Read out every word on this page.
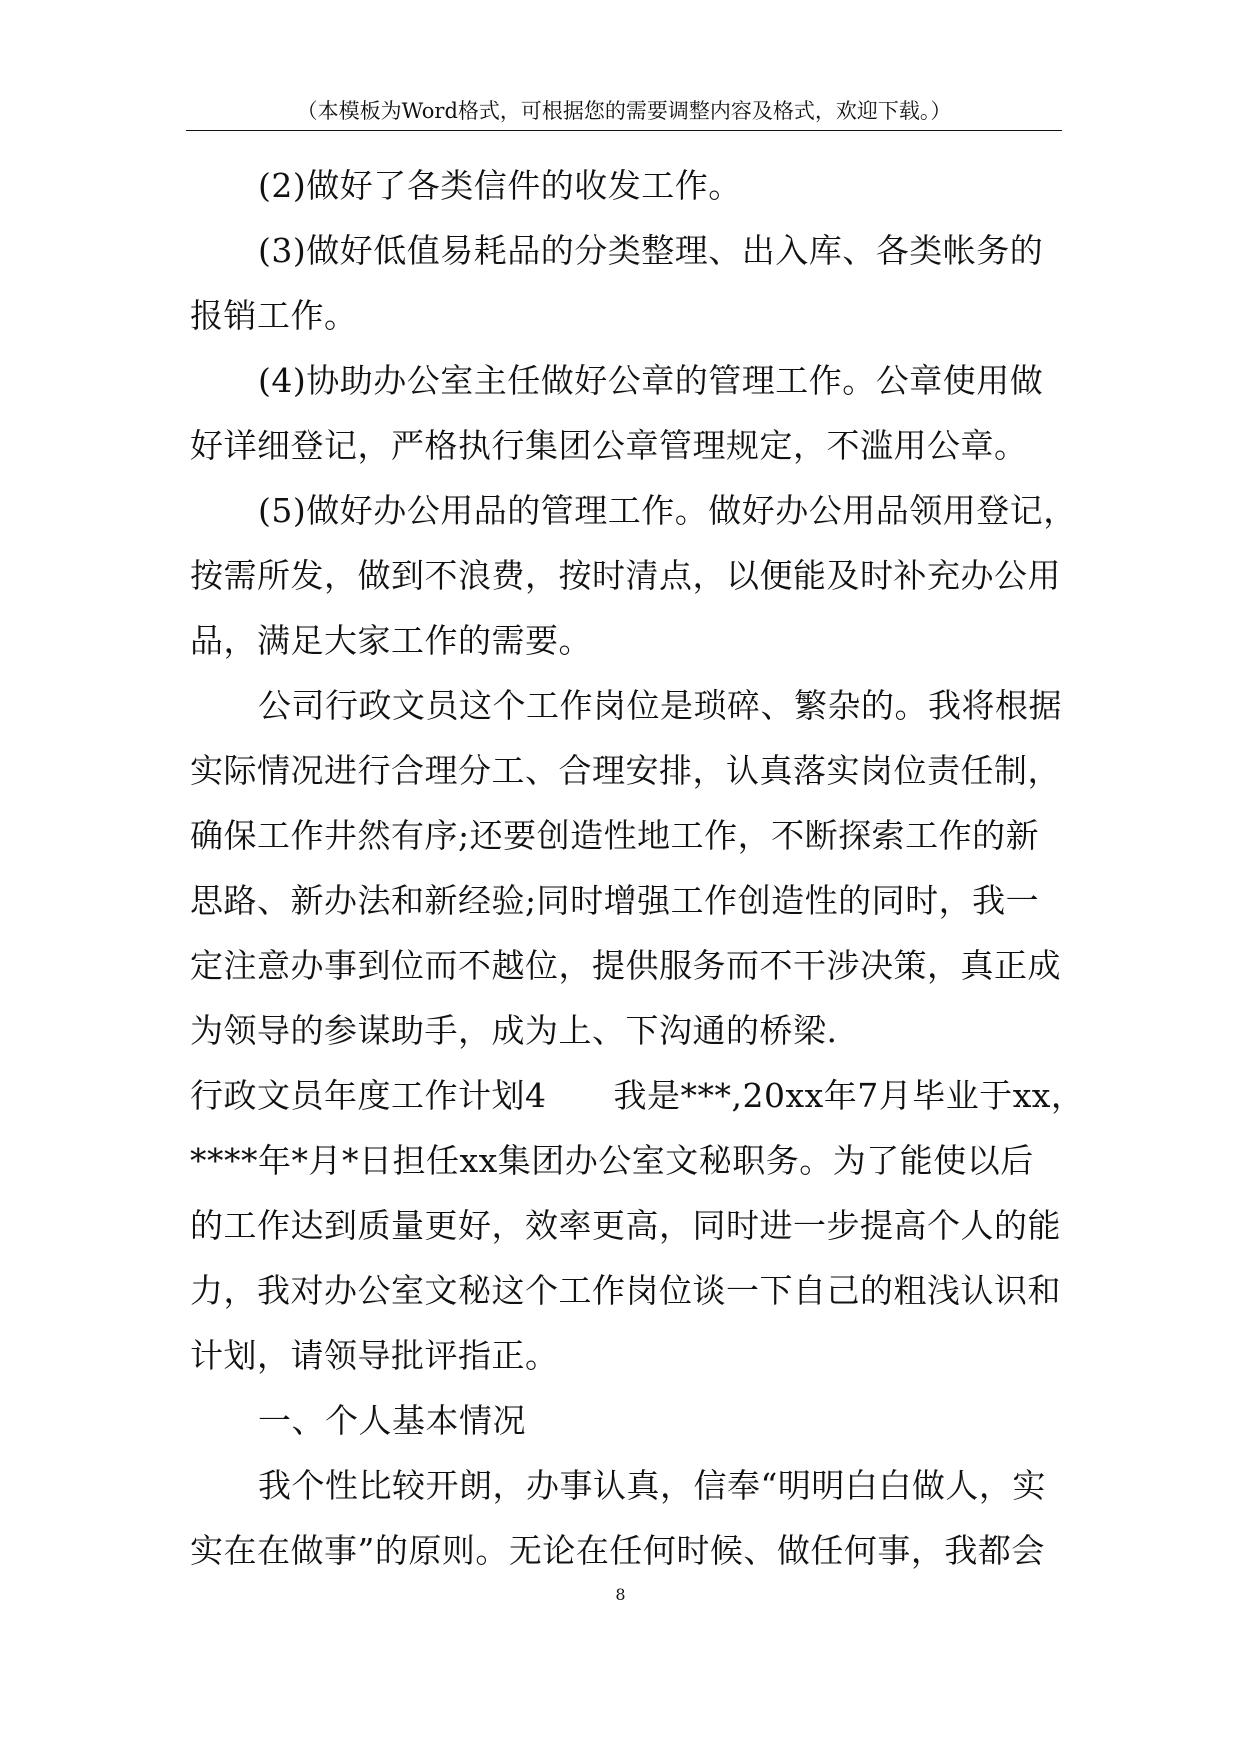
（本模板为Word格式，可根据您的需要调整内容及格式，欢迎下载。）
(2)做好了各类信件的收发工作。
(3)做好低值易耗品的分类整理、出入库、各类帐务的
报销工作。
(4)协助办公室主任做好公章的管理工作。公章使用做
好详细登记，严格执行集团公章管理规定，不滥用公章。
(5)做好办公用品的管理工作。做好办公用品领用登记，
按需所发，做到不浪费，按时清点，以便能及时补充办公用
品，满足大家工作的需要。
公司行政文员这个工作岗位是琐碎、繁杂的。我将根据
实际情况进行合理分工、合理安排，认真落实岗位责任制，
确保工作井然有序;还要创造性地工作，不断探索工作的新
思路、新办法和新经验;同时增强工作创造性的同时，我一
定注意办事到位而不越位，提供服务而不干涉决策，真正成
为领导的参谋助手，成为上、下沟通的桥梁.
行政文员年度工作计划4　　我是***,20xx年7月毕业于xx，
****年*月*日担任xx集团办公室文秘职务。为了能使以后
的工作达到质量更好，效率更高，同时进一步提高个人的能
力，我对办公室文秘这个工作岗位谈一下自己的粗浅认识和
计划，请领导批评指正。
一、个人基本情况
我个性比较开朗，办事认真，信奉“明明白白做人，实
实在在做事”的原则。无论在任何时候、做任何事，我都会
8
